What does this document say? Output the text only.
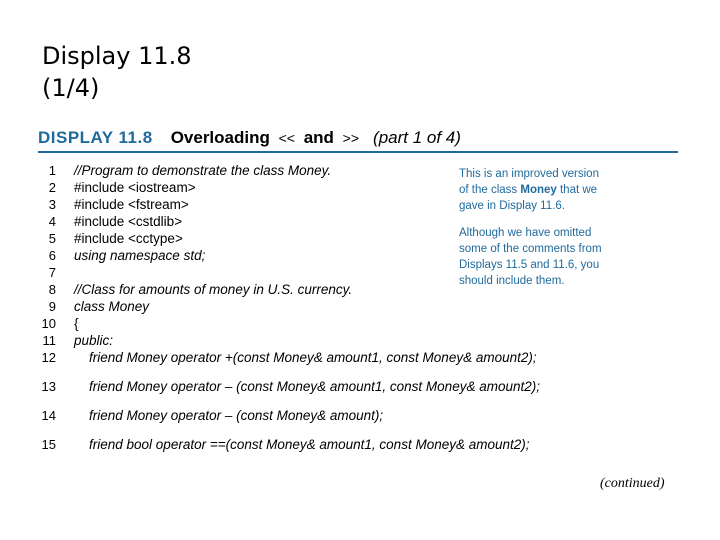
Display 11.8
(1/4)
DISPLAY 11.8 Overloading << and >> (part 1 of 4)
1 //Program to demonstrate the class Money.
2 #include <iostream>
3 #include <fstream>
4 #include <cstdlib>
5 #include <cctype>
6 using namespace std;
7
8 //Class for amounts of money in U.S. currency.
9 class Money
10 {
11 public:
12 friend Money operator +(const Money& amount1, const Money& amount2);
13 friend Money operator – (const Money& amount1, const Money& amount2);
14 friend Money operator – (const Money& amount);
15 friend bool operator ==(const Money& amount1, const Money& amount2);
This is an improved version
of the class Money that we
gave in Display 11.6.
Although we have omitted
some of the comments from
Displays 11.5 and 11.6, you
should include them.
(continued)
